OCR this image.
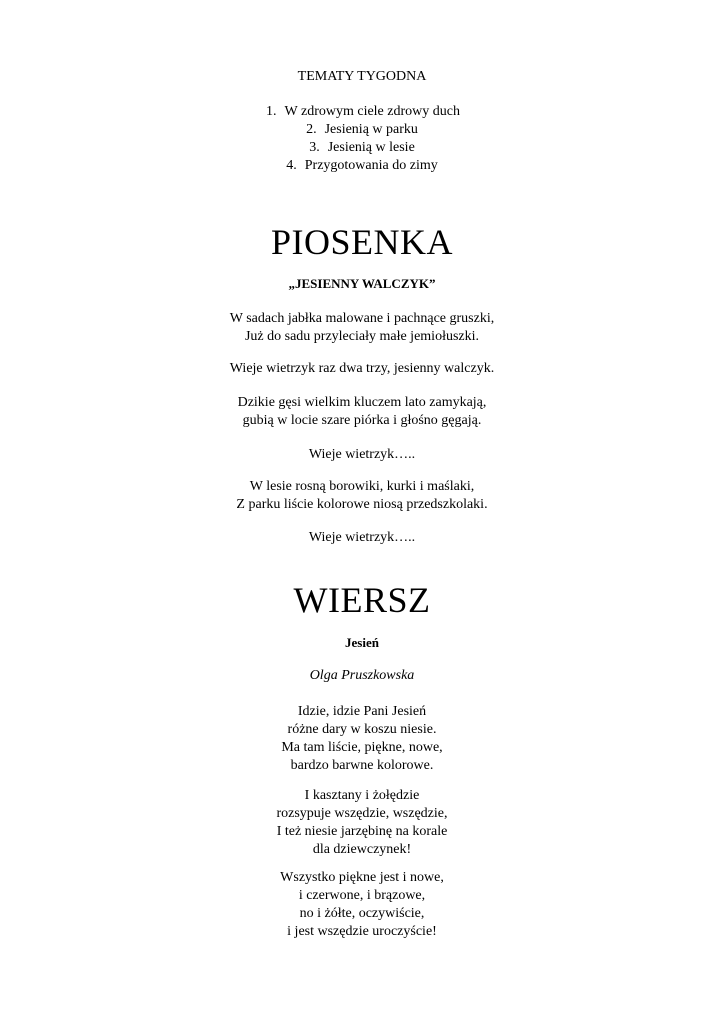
TEMATY TYGODNA
1. W zdrowym ciele zdrowy duch
2. Jesienią w parku
3. Jesienią w lesie
4. Przygotowania do zimy
PIOSENKA
„JESIENNY WALCZYK”
W sadach jabłka malowane i pachnące gruszki,
Już do sadu przyleciały małe jemiołuszki.
Wieje wietrzyk raz dwa trzy, jesienny walczyk.
Dzikie gęsi wielkim kluczem lato zamykają,
gubią w locie szare piórka i głośno gęgają.
Wieje wietrzyk…..
W lesie rosną borowiki, kurki i maślaki,
Z parku liście kolorowe niosą przedszkolaki.
Wieje wietrzyk…..
WIERSZ
Jesień
Olga Pruszkowska
Idzie, idzie Pani Jesień
różne dary w koszu niesie.
Ma tam liście, piękne, nowe,
bardzo barwne kolorowe.
I kasztany i żołędzie
rozsypuje wszędzie, wszędzie,
I też niesie jarzębinę na korale
dla dziewczynek!
Wszystko piękne jest i nowe,
i czerwone, i brązowe,
no i żółte, oczywiście,
i jest wszędzie uroczyście!
